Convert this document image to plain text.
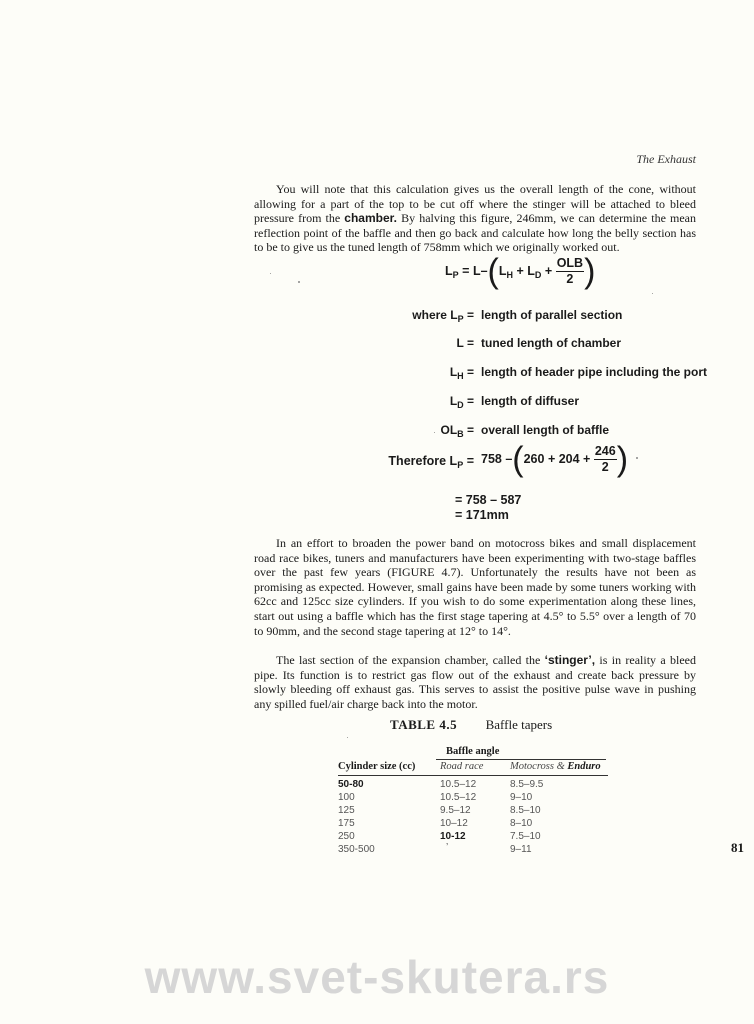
The Exhaust

You will note that this calculation gives us the overall length of the cone, without allowing for a part of the top to be cut off where the stinger will be attached to bleed pressure from the chamber. By halving this figure, 246mm, we can determine the mean reflection point of the baffle and then go back and calculate how long the belly section has to be to give us the tuned length of 758mm which we originally worked out.

$L_P = L-(L_H + L_D + \frac{\text{OLB}}{2}$ )
where $L_P$ = length of parallel section
L = tuned length of chamber
$L_H$ = length of header pipe including the port
$L_D$ = length of diffuser
$OL_B$ = overall length of baffle
Therefore $L_P = 758$ $-(260 + 204 + \frac{246}{2}$ )
= 758 – 587
= 171mm

In an effort to broaden the power band on motocross bikes and small displacement road race bikes, tuners and manufacturers have been experimenting with two-stage baffles over the past few years (FIGURE 4.7). Unfortunately the results have not been as promising as expected. However, small gains have been made by some tuners working with 62cc and 125cc size cylinders. If you wish to do some experimentation along these lines, start out using a baffle which has the first stage tapering at 4.5° to 5.5° over a length of 70 to 90mm, and the second stage tapering at 12° to 14°.

The last section of the expansion chamber, called the ‘stinger’, is in reality a bleed pipe. Its function is to restrict gas flow out of the exhaust and create back pressure by slowly bleeding off exhaust gas. This serves to assist the positive pulse wave in pushing any spilled fuel/air charge back into the motor.

TABLE 4.5 Baffle tapers
Baffle angle
Cylinder size (cc) Road race	Motocross & Enduro
50-80	10.5–12	8.5–9.5
100	10.5–12	9–10
125	9.5–12	8.5–10
175	10–12	8–10
250	10-12	7.5–10
350-500	’	9–11	81
www.svet-skutera.rs
